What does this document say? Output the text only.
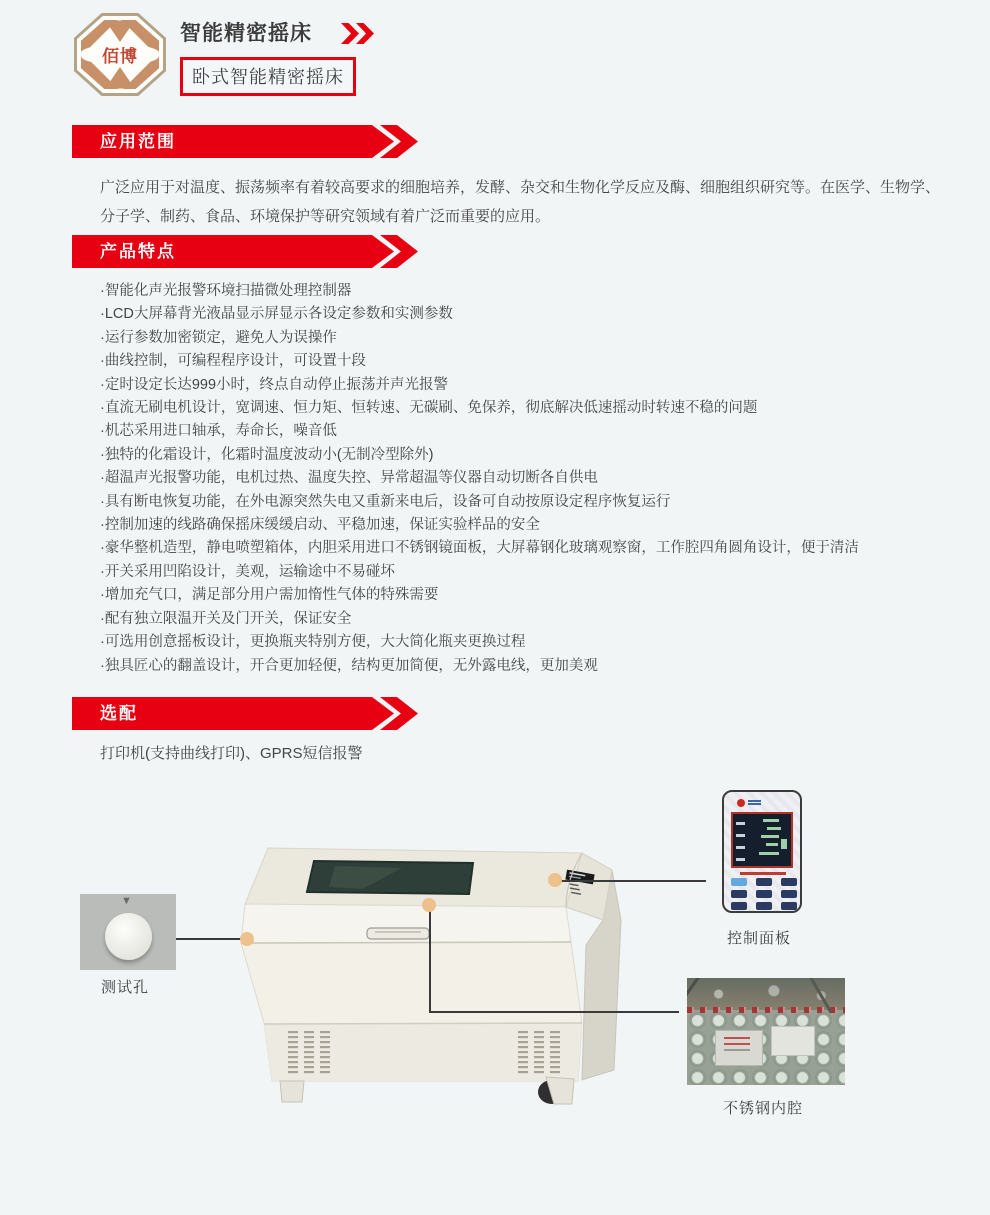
佰博
智能精密摇床
卧式智能精密摇床
应用范围

广泛应用于对温度、振荡频率有着较高要求的细胞培养，发酵、杂交和生物化学反应及酶、细胞组织研究等。在医学、生物学、分子学、制药、食品、环境保护等研究领域有着广泛而重要的应用。

产品特点
·智能化声光报警环境扫描微处理控制器
·LCD大屏幕背光液晶显示屏显示各设定参数和实测参数
·运行参数加密锁定，避免人为误操作
·曲线控制，可编程程序设计，可设置十段
·定时设定长达999小时，终点自动停止振荡并声光报警
·直流无刷电机设计，宽调速、恒力矩、恒转速、无碳刷、免保养，彻底解决低速摇动时转速不稳的问题
·机芯采用进口轴承，寿命长，噪音低
·独特的化霜设计，化霜时温度波动小(无制冷型除外)
·超温声光报警功能，电机过热、温度失控、异常超温等仪器自动切断各自供电
·具有断电恢复功能，在外电源突然失电又重新来电后，设备可自动按原设定程序恢复运行
·控制加速的线路确保摇床缓缓启动、平稳加速，保证实验样品的安全
·豪华整机造型，静电喷塑箱体，内胆采用进口不锈钢镜面板，大屏幕钢化玻璃观察窗，工作腔四角圆角设计，便于清洁
·开关采用凹陷设计，美观，运输途中不易碰坏
·增加充气口，满足部分用户需加惰性气体的特殊需要
·配有独立限温开关及门开关，保证安全
·可选用创意摇板设计，更换瓶夹特别方便，大大简化瓶夹更换过程
·独具匠心的翻盖设计，开合更加轻便，结构更加简便，无外露电线，更加美观
选配
打印机(支持曲线打印)、GPRS短信报警
▼
测试孔
控制面板
不锈钢内腔
